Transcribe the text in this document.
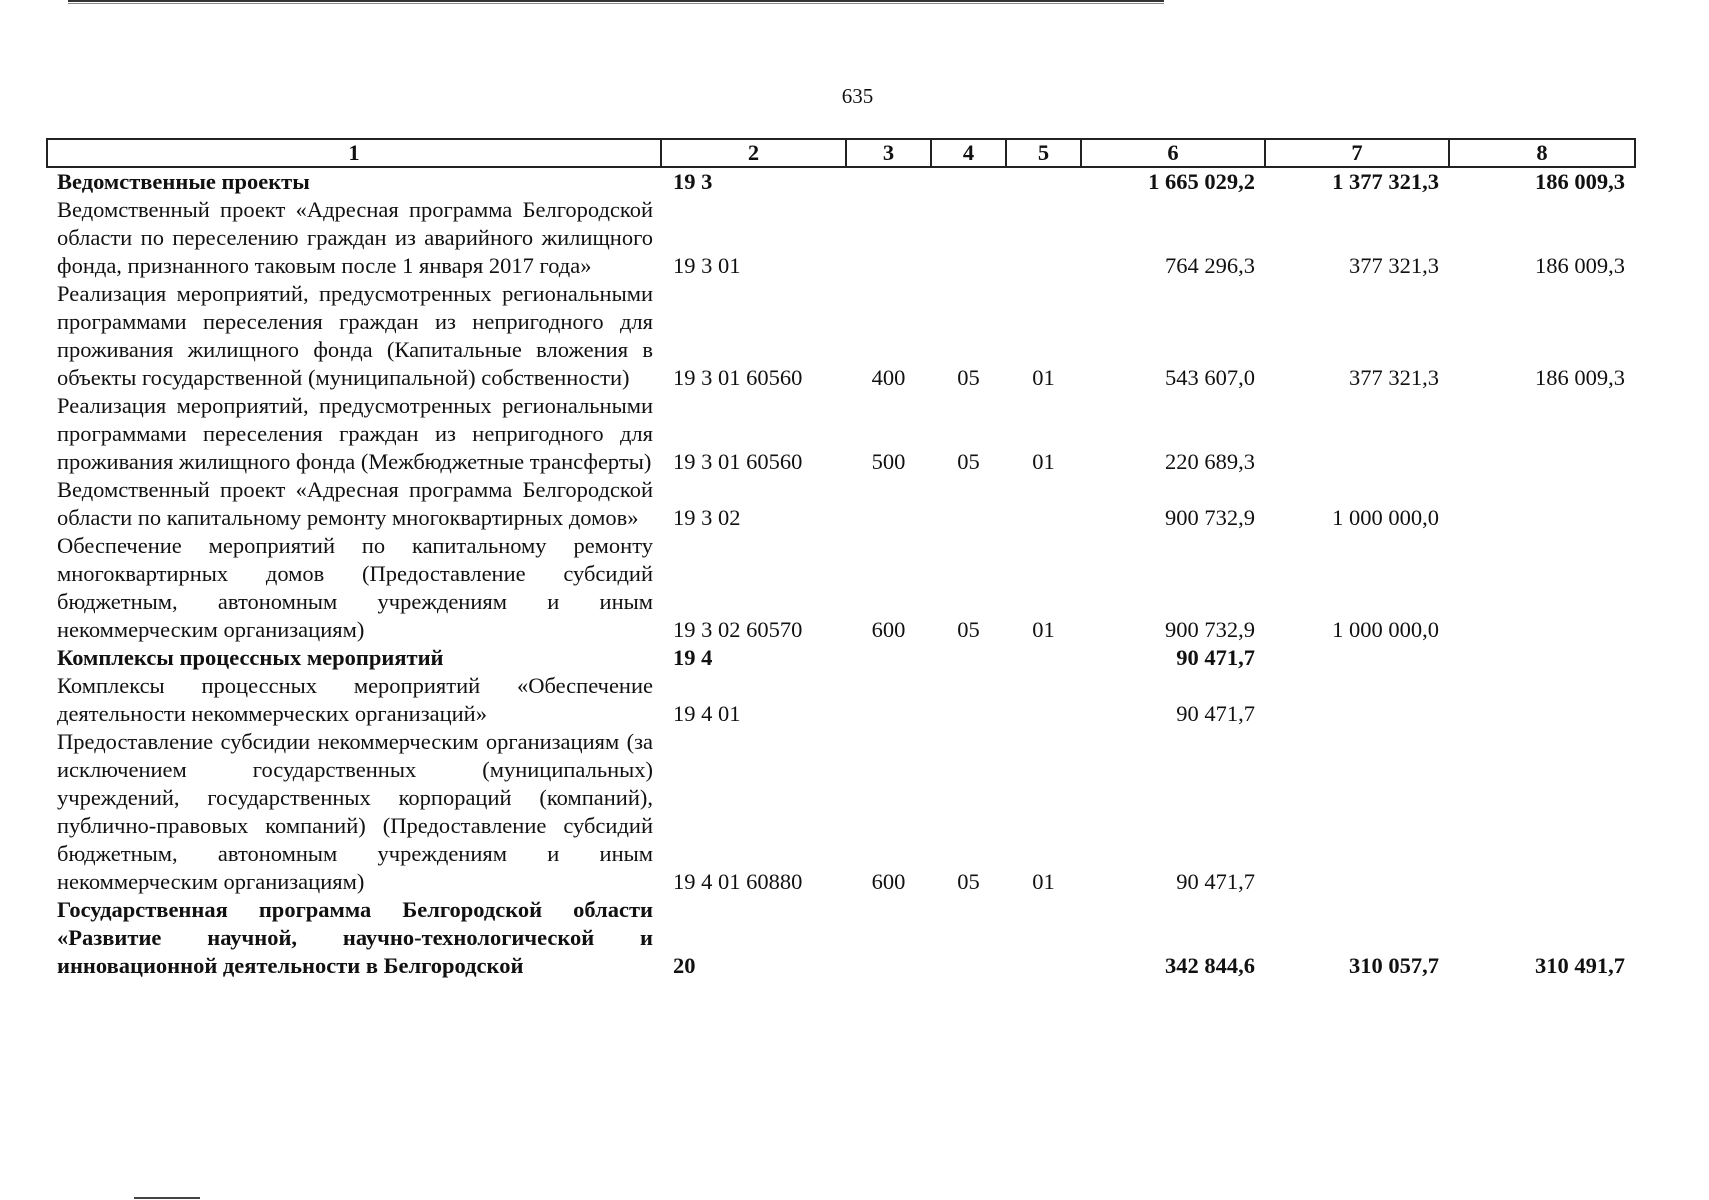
635
1	2	3	4	5	6	7	8
Ведомственные проекты	19 3				1 665 029,2	1 377 321,3	186 009,3
Ведомственный проект «Адресная программа Белгородской области по переселению граждан из аварийного жилищного фонда, признанного таковым после 1 января 2017 года»	19 3 01				764 296,3	377 321,3	186 009,3
Реализация мероприятий, предусмотренных региональными программами переселения граждан из непригодного для проживания жилищного фонда (Капитальные вложения в объекты государственной (муниципальной) собственности)	19 3 01 60560	400	05	01	543 607,0	377 321,3	186 009,3
Реализация мероприятий, предусмотренных региональными программами переселения граждан из непригодного для проживания жилищного фонда (Межбюджетные трансферты)	19 3 01 60560	500	05	01	220 689,3		
Ведомственный проект «Адресная программа Белгородской области по капитальному ремонту многоквартирных домов»	19 3 02				900 732,9	1 000 000,0	
Обеспечение мероприятий по капитальному ремонту многоквартирных домов (Предоставление субсидий бюджетным, автономным учреждениям и иным некоммерческим организациям)	19 3 02 60570	600	05	01	900 732,9	1 000 000,0	
Комплексы процессных мероприятий	19 4				90 471,7		
Комплексы процессных мероприятий «Обеспечение деятельности некоммерческих организаций»	19 4 01				90 471,7		
Предоставление субсидии некоммерческим организациям (за исключением государственных (муниципальных) учреждений, государственных корпораций (компаний), публично-правовых компаний) (Предоставление субсидий бюджетным, автономным учреждениям и иным некоммерческим организациям)	19 4 01 60880	600	05	01	90 471,7		
Государственная программа Белгородской области «Развитие научной, научно-технологической и инновационной деятельности в Белгородской	20				342 844,6	310 057,7	310 491,7
